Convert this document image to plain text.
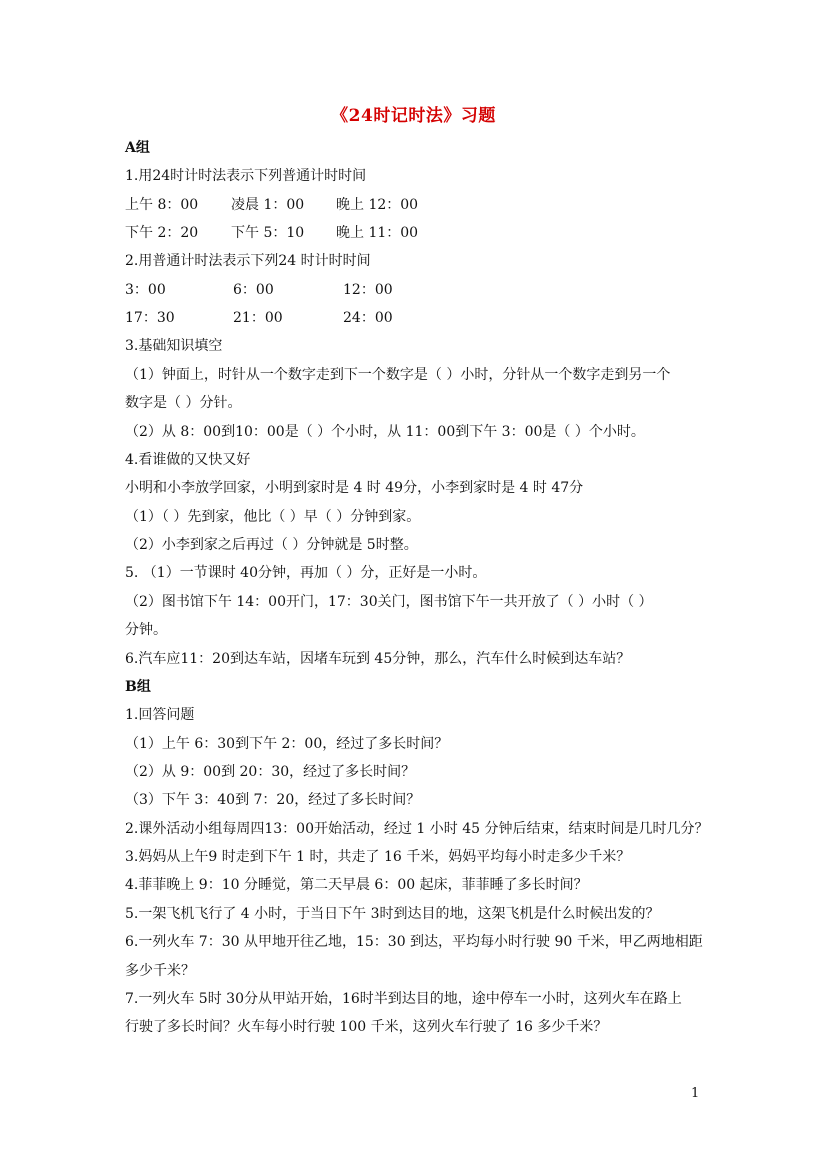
《24时记时法》习题
A组
1.用24时计时法表示下列普通计时时间
上午 8：00 凌晨 1：00 晚上 12：00
下午 2：20 下午 5：10 晚上 11：00
2.用普通计时法表示下列24 时计时时间
3：00	6：00	12：00
17：30	21：00	24：00
3.基础知识填空
（1）钟面上，时针从一个数字走到下一个数字是（ ）小时，分针从一个数字走到另一个
数字是（ ）分针。
（2）从 8：00到10：00是（ ）个小时，从 11：00到下午 3：00是（ ）个小时。
4.看谁做的又快又好
小明和小李放学回家，小明到家时是 4 时 49分，小李到家时是 4 时 47分
（1）（ ）先到家，他比（ ）早（ ）分钟到家。
（2）小李到家之后再过（ ）分钟就是 5时整。
5. （1）一节课时 40分钟，再加（ ）分，正好是一小时。
（2）图书馆下午 14：00开门，17：30关门，图书馆下午一共开放了（ ）小时（ ）
分钟。
6.汽车应11：20到达车站，因堵车玩到 45分钟，那么，汽车什么时候到达车站？
B组
1.回答问题
（1）上午 6：30到下午 2：00，经过了多长时间？
（2）从 9：00到 20：30，经过了多长时间？
（3）下午 3：40到 7：20，经过了多长时间？
2.课外活动小组每周四13：00开始活动，经过 1 小时 45 分钟后结束，结束时间是几时几分？
3.妈妈从上午9 时走到下午 1 时，共走了 16 千米，妈妈平均每小时走多少千米？
4.菲菲晚上 9：10 分睡觉，第二天早晨 6：00 起床，菲菲睡了多长时间？
5.一架飞机飞行了 4 小时，于当日下午 3时到达目的地，这架飞机是什么时候出发的？
6.一列火车 7：30 从甲地开往乙地，15：30 到达，平均每小时行驶 90 千米，甲乙两地相距
多少千米？
7.一列火车 5时 30分从甲站开始，16时半到达目的地，途中停车一小时，这列火车在路上
行驶了多长时间？火车每小时行驶 100 千米，这列火车行驶了 16 多少千米？
1
